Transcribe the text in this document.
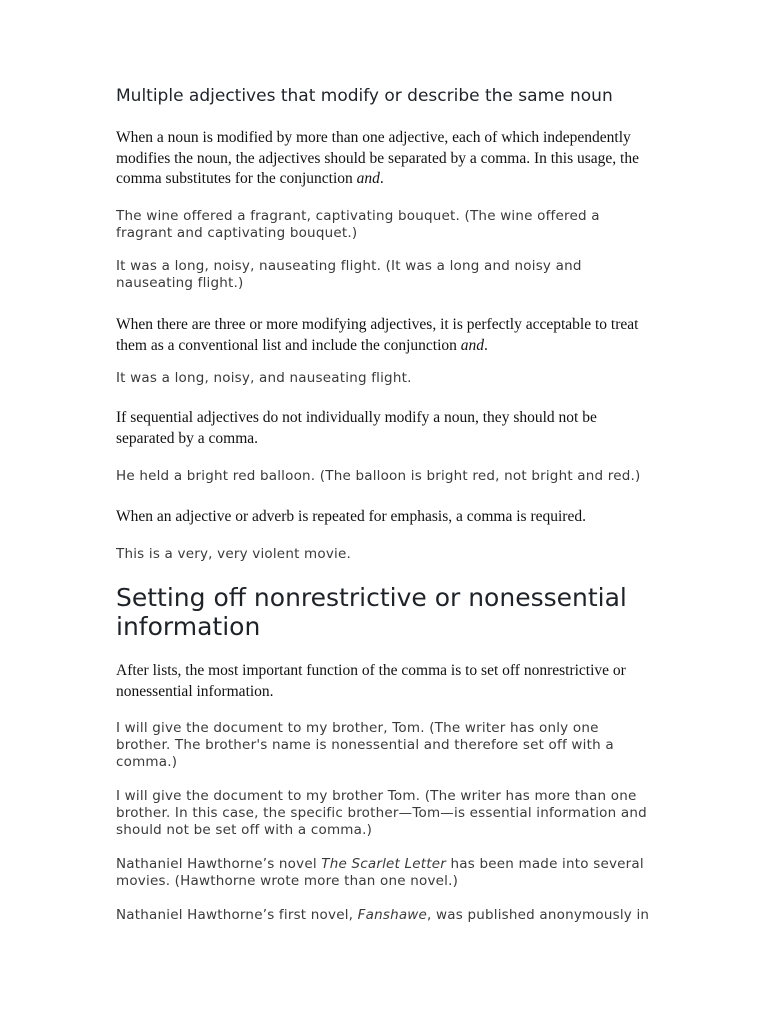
Multiple adjectives that modify or describe the same noun

When a noun is modified by more than one adjective, each of which independently modifies the noun, the adjectives should be separated by a comma. In this usage, the comma substitutes for the conjunction and.

The wine offered a fragrant, captivating bouquet. (The wine offered a fragrant and captivating bouquet.)

It was a long, noisy, nauseating flight. (It was a long and noisy and nauseating flight.)

When there are three or more modifying adjectives, it is perfectly acceptable to treat them as a conventional list and include the conjunction and.

It was a long, noisy, and nauseating flight.

If sequential adjectives do not individually modify a noun, they should not be separated by a comma.

He held a bright red balloon. (The balloon is bright red, not bright and red.)

When an adjective or adverb is repeated for emphasis, a comma is required.

This is a very, very violent movie.

Setting off nonrestrictive or nonessential information

After lists, the most important function of the comma is to set off nonrestrictive or nonessential information.

I will give the document to my brother, Tom. (The writer has only one brother. The brother's name is nonessential and therefore set off with a comma.)

I will give the document to my brother Tom. (The writer has more than one brother. In this case, the specific brother—Tom—is essential information and should not be set off with a comma.)

Nathaniel Hawthorne’s novel The Scarlet Letter has been made into several movies. (Hawthorne wrote more than one novel.)

Nathaniel Hawthorne’s first novel, Fanshawe, was published anonymously in
